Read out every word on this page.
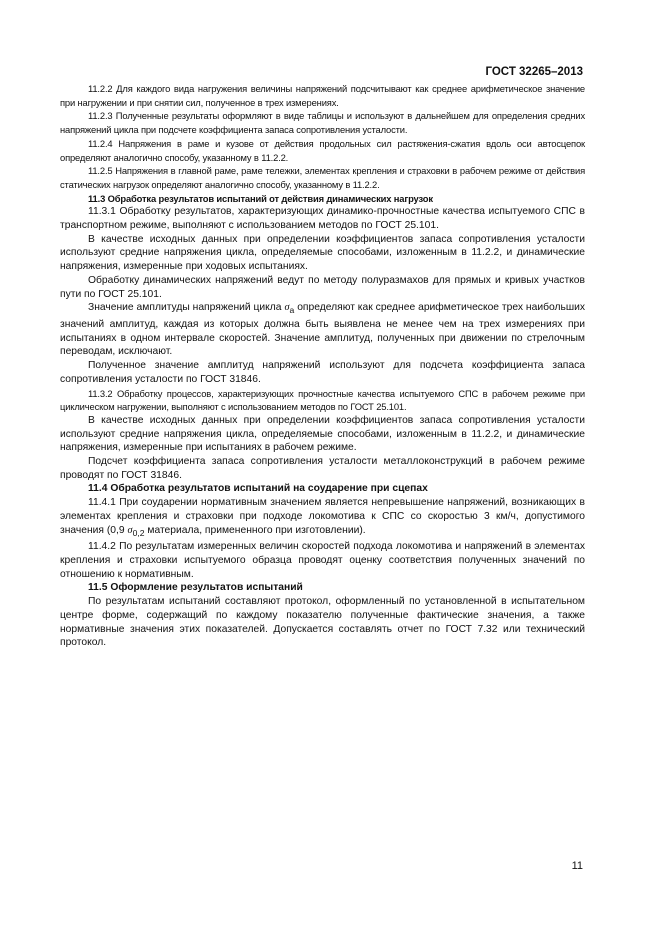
ГОСТ 32265–2013

11.2.2 Для каждого вида нагружения величины напряжений подсчитывают как среднее арифметическое значение при нагружении и при снятии сил, полученное в трех измерениях.

11.2.3 Полученные результаты оформляют в виде таблицы и используют в дальнейшем для определения средних напряжений цикла при подсчете коэффициента запаса сопротивления усталости.

11.2.4 Напряжения в раме и кузове от действия продольных сил растяжения-сжатия вдоль оси автосцепок определяют аналогично способу, указанному в 11.2.2.

11.2.5 Напряжения в главной раме, раме тележки, элементах крепления и страховки в рабочем режиме от действия статических нагрузок определяют аналогично способу, указанному в 11.2.2.

11.3 Обработка результатов испытаний от действия динамических нагрузок

11.3.1 Обработку результатов, характеризующих динамико-прочностные качества испытуемого СПС в транспортном режиме, выполняют с использованием методов по ГОСТ 25.101.

В качестве исходных данных при определении коэффициентов запаса сопротивления усталости используют средние напряжения цикла, определяемые способами, изложенным в 11.2.2, и динамические напряжения, измеренные при ходовых испытаниях.

Обработку динамических напряжений ведут по методу полуразмахов для прямых и кривых участков пути по ГОСТ 25.101.

Значение амплитуды напряжений цикла $\sigma_a$ определяют как среднее арифметическое трех наибольших значений амплитуд, каждая из которых должна быть выявлена не менее чем на трех измерениях при испытаниях в одном интервале скоростей. Значение амплитуд, полученных при движении по стрелочным переводам, исключают.

Полученное значение амплитуд напряжений используют для подсчета коэффициента запаса сопротивления усталости по ГОСТ 31846.

11.3.2 Обработку процессов, характеризующих прочностные качества испытуемого СПС в рабочем режиме при циклическом нагружении, выполняют с использованием методов по ГОСТ 25.101.

В качестве исходных данных при определении коэффициентов запаса сопротивления усталости используют средние напряжения цикла, определяемые способами, изложенным в 11.2.2, и динамические напряжения, измеренные при испытаниях в рабочем режиме.

Подсчет коэффициента запаса сопротивления усталости металлоконструкций в рабочем режиме проводят по ГОСТ 31846.

11.4 Обработка результатов испытаний на соударение при сцепах

11.4.1 При соударении нормативным значением является непревышение напряжений, возникающих в элементах крепления и страховки при подходе локомотива к СПС со скоростью 3 км/ч, допустимого значения (0,9 $\sigma_{0,2}$ материала, примененного при изготовлении).

11.4.2 По результатам измеренных величин скоростей подхода локомотива и напряжений в элементах крепления и страховки испытуемого образца проводят оценку соответствия полученных значений по отношению к нормативным.

11.5 Оформление результатов испытаний

По результатам испытаний составляют протокол, оформленный по установленной в испытательном центре форме, содержащий по каждому показателю полученные фактические значения, а также нормативные значения этих показателей. Допускается составлять отчет по ГОСТ 7.32 или технический протокол.

11
